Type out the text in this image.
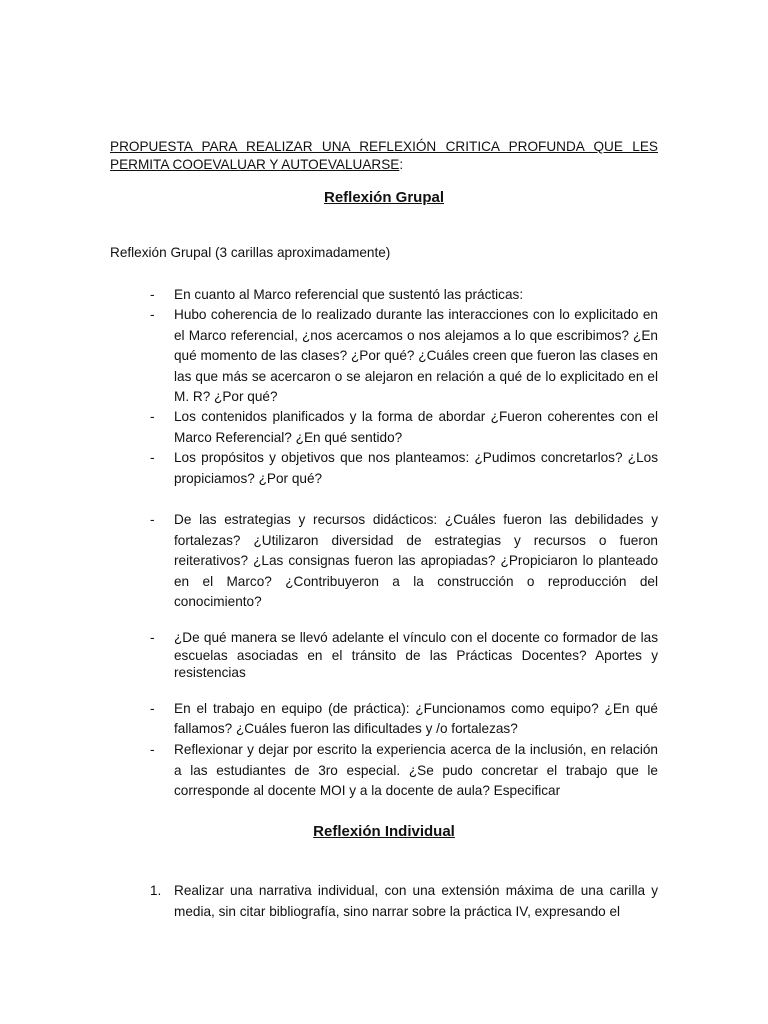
PROPUESTA PARA REALIZAR UNA REFLEXIÓN CRITICA PROFUNDA QUE LES PERMITA COOEVALUAR Y AUTOEVALUARSE:
Reflexión Grupal
Reflexión Grupal (3 carillas aproximadamente)
- En cuanto al Marco referencial que sustentó las prácticas:
- Hubo coherencia de lo realizado durante las interacciones con lo explicitado en el Marco referencial, ¿nos acercamos o nos alejamos a lo que escribimos? ¿En qué momento de las clases? ¿Por qué? ¿Cuáles creen que fueron las clases en las que más se acercaron o se alejaron en relación a qué de lo explicitado en el M. R? ¿Por qué?
- Los contenidos planificados y la forma de abordar ¿Fueron coherentes con el Marco Referencial? ¿En qué sentido?
- Los propósitos y objetivos que nos planteamos: ¿Pudimos concretarlos? ¿Los propiciamos? ¿Por qué?
- De las estrategias y recursos didácticos: ¿Cuáles fueron las debilidades y fortalezas? ¿Utilizaron diversidad de estrategias y recursos o fueron reiterativos? ¿Las consignas fueron las apropiadas? ¿Propiciaron lo planteado en el Marco? ¿Contribuyeron a la construcción o reproducción del conocimiento?
- ¿De qué manera se llevó adelante el vínculo con el docente co formador de las escuelas asociadas en el tránsito de las Prácticas Docentes? Aportes y resistencias
- En el trabajo en equipo (de práctica): ¿Funcionamos como equipo? ¿En qué fallamos? ¿Cuáles fueron las dificultades y /o fortalezas?
- Reflexionar y dejar por escrito la experiencia acerca de la inclusión, en relación a las estudiantes de 3ro especial. ¿Se pudo concretar el trabajo que le corresponde al docente MOI y a la docente de aula? Especificar
Reflexión Individual
1. Realizar una narrativa individual, con una extensión máxima de una carilla y media, sin citar bibliografía, sino narrar sobre la práctica IV, expresando el
